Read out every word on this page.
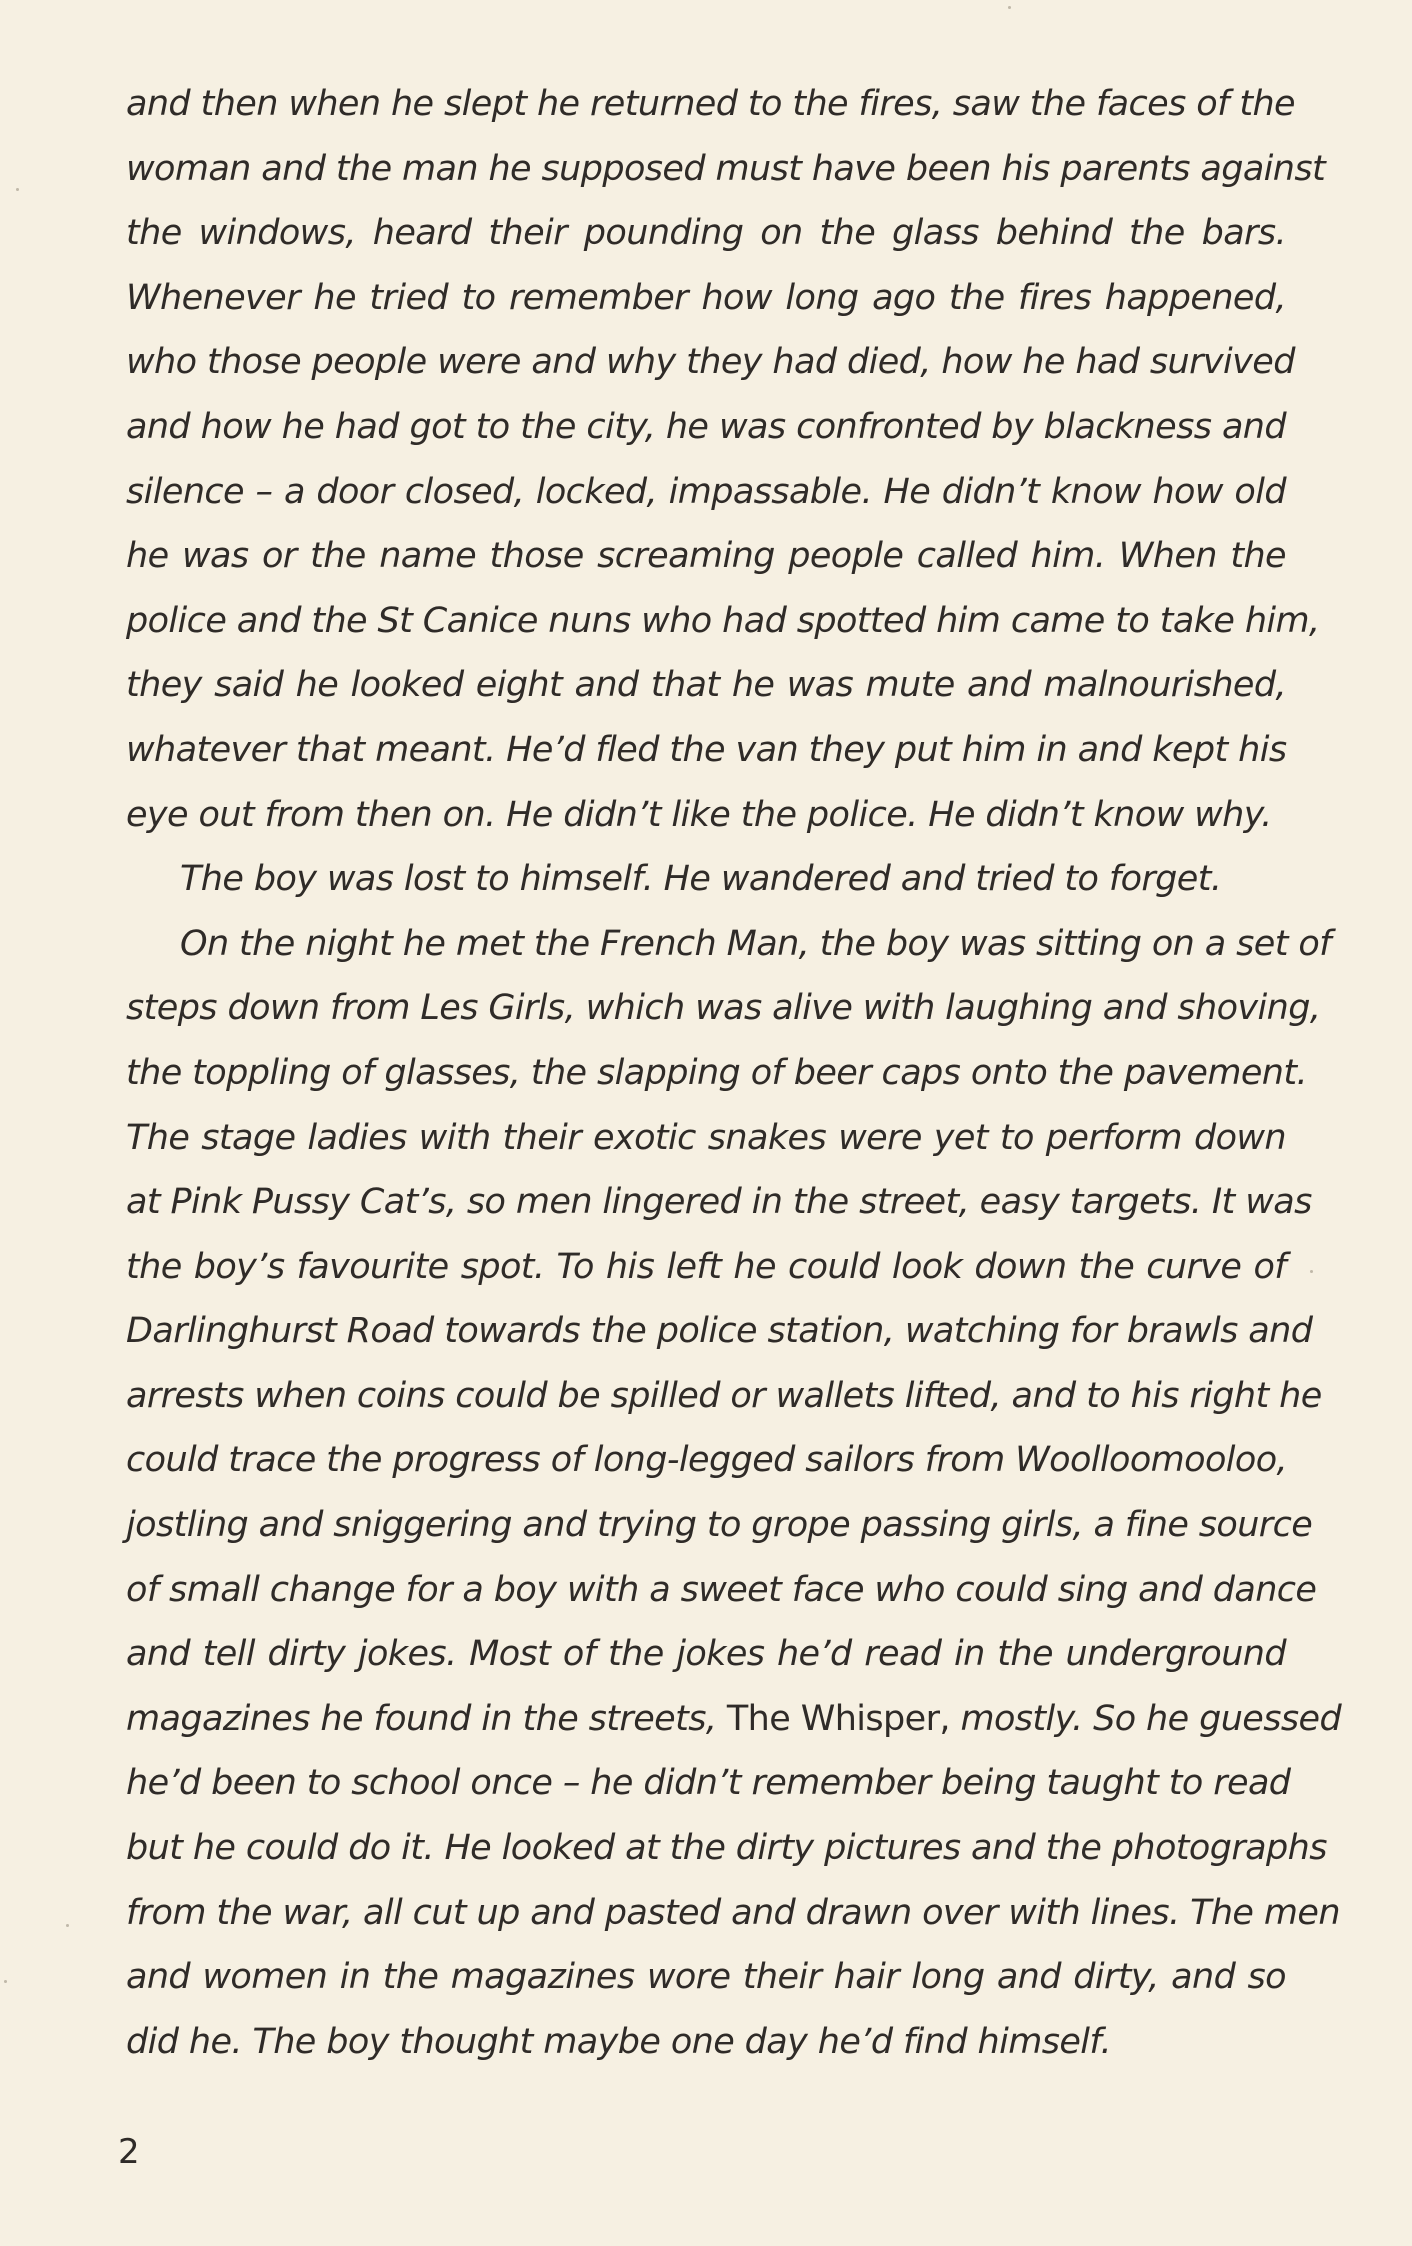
and then when he slept he returned to the fires, saw the faces of the
woman and the man he supposed must have been his parents against
the windows, heard their pounding on the glass behind the bars.
Whenever he tried to remember how long ago the fires happened,
who those people were and why they had died, how he had survived
and how he had got to the city, he was confronted by blackness and
silence – a door closed, locked, impassable. He didn’t know how old
he was or the name those screaming people called him. When the
police and the St Canice nuns who had spotted him came to take him,
they said he looked eight and that he was mute and malnourished,
whatever that meant. He’d fled the van they put him in and kept his
eye out from then on. He didn’t like the police. He didn’t know why.
The boy was lost to himself. He wandered and tried to forget.
On the night he met the French Man, the boy was sitting on a set of
steps down from Les Girls, which was alive with laughing and shoving,
the toppling of glasses, the slapping of beer caps onto the pavement.
The stage ladies with their exotic snakes were yet to perform down
at Pink Pussy Cat’s, so men lingered in the street, easy targets. It was
the boy’s favourite spot. To his left he could look down the curve of
Darlinghurst Road towards the police station, watching for brawls and
arrests when coins could be spilled or wallets lifted, and to his right he
could trace the progress of long-legged sailors from Woolloomooloo,
jostling and sniggering and trying to grope passing girls, a fine source
of small change for a boy with a sweet face who could sing and dance
and tell dirty jokes. Most of the jokes he’d read in the underground
magazines he found in the streets, The Whisper, mostly. So he guessed
he’d been to school once – he didn’t remember being taught to read
but he could do it. He looked at the dirty pictures and the photographs
from the war, all cut up and pasted and drawn over with lines. The men
and women in the magazines wore their hair long and dirty, and so
did he. The boy thought maybe one day he’d find himself.
2
